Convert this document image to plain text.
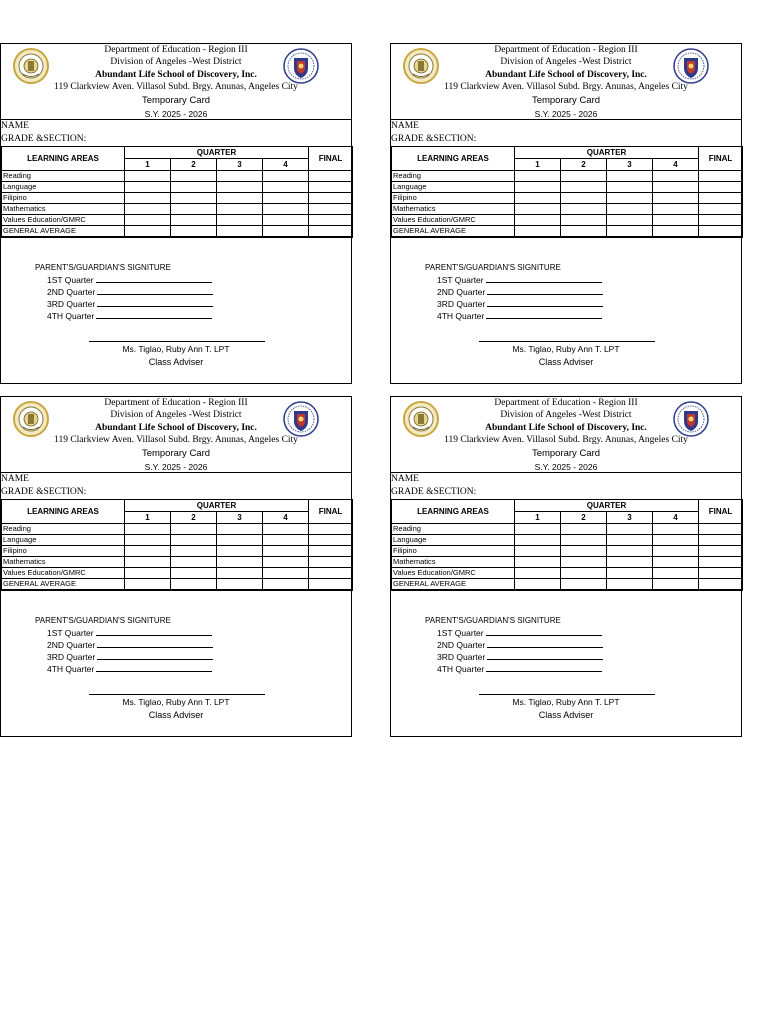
Department of Education - Region III
Division of Angeles -West District
Abundant Life School of Discovery, Inc.
119 Clarkview Aven. Villasol Subd. Brgy. Anunas, Angeles City
Temporary Card
S.Y. 2025 - 2026
NAME
GRADE &SECTION:
LEARNING AREAS	QUARTER				FINAL
	1	2	3	4	
Reading					
Language					
Filipino					
Mathematics					
Values Education/GMRC					
GENERAL AVERAGE					
PARENT'S/GUARDIAN'S SIGNITURE
1ST Quarter
2ND Quarter
3RD Quarter
4TH Quarter
Ms. Tiglao, Ruby Ann T. LPT
Class Adviser
Department of Education - Region III
Division of Angeles -West District
Abundant Life School of Discovery, Inc.
119 Clarkview Aven. Villasol Subd. Brgy. Anunas, Angeles City
Temporary Card
S.Y. 2025 - 2026
NAME
GRADE &SECTION:
LEARNING AREAS	QUARTER				FINAL
	1	2	3	4	
Reading					
Language					
Filipino					
Mathematics					
Values Education/GMRC					
GENERAL AVERAGE					
PARENT'S/GUARDIAN'S SIGNITURE
1ST Quarter
2ND Quarter
3RD Quarter
4TH Quarter
Ms. Tiglao, Ruby Ann T. LPT
Class Adviser
Department of Education - Region III
Division of Angeles -West District
Abundant Life School of Discovery, Inc.
119 Clarkview Aven. Villasol Subd. Brgy. Anunas, Angeles City
Temporary Card
S.Y. 2025 - 2026
NAME
GRADE &SECTION:
LEARNING AREAS	QUARTER				FINAL
	1	2	3	4	
Reading					
Language					
Filipino					
Mathematics					
Values Education/GMRC					
GENERAL AVERAGE					
PARENT'S/GUARDIAN'S SIGNITURE
1ST Quarter
2ND Quarter
3RD Quarter
4TH Quarter
Ms. Tiglao, Ruby Ann T. LPT
Class Adviser
Department of Education - Region III
Division of Angeles -West District
Abundant Life School of Discovery, Inc.
119 Clarkview Aven. Villasol Subd. Brgy. Anunas, Angeles City
Temporary Card
S.Y. 2025 - 2026
NAME
GRADE &SECTION:
LEARNING AREAS	QUARTER				FINAL
	1	2	3	4	
Reading					
Language					
Filipino					
Mathematics					
Values Education/GMRC					
GENERAL AVERAGE					
PARENT'S/GUARDIAN'S SIGNITURE
1ST Quarter
2ND Quarter
3RD Quarter
4TH Quarter
Ms. Tiglao, Ruby Ann T. LPT
Class Adviser
